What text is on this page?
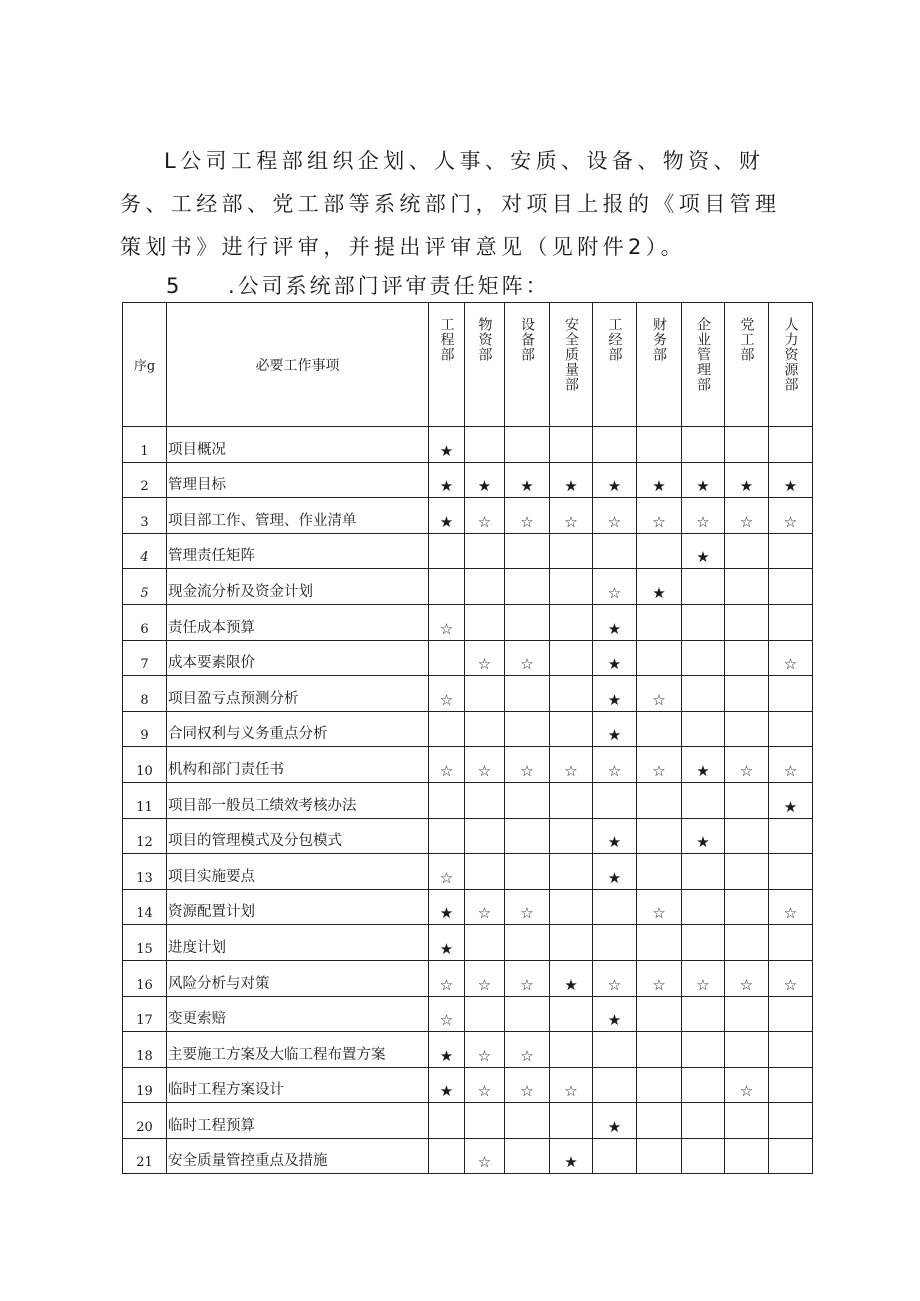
L公司工程部组织企划、人事、安质、设备、物资、财务、工经部、党工部等系统部门，对项目上报的《项目管理策划书》进行评审，并提出评审意见（见附件2）。

5 .公司系统部门评审责任矩阵：
序g	必要工作事项	工程部	物资部	设备部	安全质量部	工经部	财务部	企业管理部	党工部	人力资源部
1	项目概况	★								
2	管理目标	★	★	★	★	★	★	★	★	★
3	项目部工作、管理、作业清单	★	☆	☆	☆	☆	☆	☆	☆	☆
4	管理责任矩阵							★		
5	现金流分析及资金计划					☆	★			
6	责任成本预算	☆				★				
7	成本要素限价		☆	☆		★				☆
8	项目盈亏点预测分析	☆				★	☆			
9	合同权利与义务重点分析					★				
10	机构和部门责任书	☆	☆	☆	☆	☆	☆	★	☆	☆
11	项目部一般员工绩效考核办法									★
12	项目的管理模式及分包模式					★		★		
13	项目实施要点	☆				★				
14	资源配置计划	★	☆	☆			☆			☆
15	进度计划	★								
16	风险分析与对策	☆	☆	☆	★	☆	☆	☆	☆	☆
17	变更索赔	☆				★				
18	主要施工方案及大临工程布置方案	★	☆	☆						
19	临时工程方案设计	★	☆	☆	☆				☆	
20	临时工程预算					★				
21	安全质量管控重点及措施		☆		★					
